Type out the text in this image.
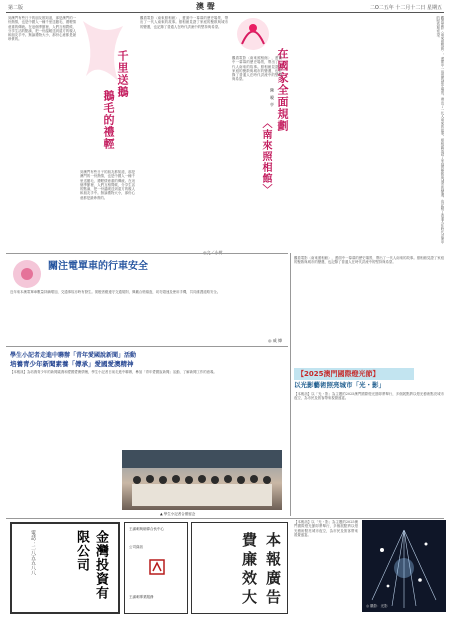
第二版	澳 聲	二O二五年 十二月十二日 星期五
到澳門有些日子的朋友都知道，那是澳門的一份熱情，也是中國人一種千里送鵝毛、禮輕情意重的傳統。在這個季節裡，人們互相問候，分享生活的點滴，把一份溫暖送到遠方的親人和朋友手中。無論禮物大小，那份心意都是最珍貴的。
千里送鵝
鵝毛的禮輕
到澳門有些日子的朋友都知道，那是澳門的一份熱情，也是中國人一種千里送鵝毛、禮輕情意重的傳統。在這個季節裡，人們互相問候，分享生活的點滴，把一份溫暖送到遠方的親人和朋友手中。無論禮物大小，那份心意都是最珍貴的。
觀看電影〈南來照相館〉，畫面中一幕幕的歷史場景，帶出了一代人南來的故事。照相館見證了家庭的聚散與城市的變遷，也記錄了普通人在時代洪流中的堅持與希望。
在國家全面規劃
〈南來照相館〉
陳 曉 亭
觀看電影〈南來照相館〉，畫面中一幕幕的歷史場景，帶出了一代人南來的故事。照相館見證了家庭的聚散與城市的變遷，也記錄了普通人在時代洪流中的堅持與希望。	觀看電影〈南來照相館〉，畫面中一幕幕的歷史場景，帶出了一代人南來的故事。照相館見證了家庭的聚散與城市的變遷，也記錄了普通人在時代洪流中的堅持與希望。
關注電單車的行車安全
近年來本澳電單車數量持續增加，交通事故亦時有發生。駕駛者應遵守交通規則，佩戴合格頭盔，切勿超速及使用手機，共同維護道路安全。
◎ 威 燁
學生小記者走進中聯辦「青年愛國說新聞」活動
培養青少年新聞素養「傳承」愛國愛澳精神
【本報訊】為培養青少年的新聞素養和愛國愛澳情懷，學生小記者日前走進中聯辦，參加「青年愛國說新聞」活動，了解新聞工作的意義。
▲ 學生小記者合照留念
金灣投資有限公司
電話：二八五五八八
王滿刺與朝偉合伙中心
公司資訊
王滿刺專業服務
本
報
廣
告
費
廉
效
大
觀看電影〈南來照相館〉，畫面中一幕幕的歷史場景，帶出了一代人南來的故事。照相館見證了家庭的聚散與城市的變遷，也記錄了普通人在時代洪流中的堅持與希望。
【2025澳門國際燈光節】
以光影藝術照亮城市「光・影」
【本報訊】以「光・影」為主題的2025澳門國際燈光節即將舉行，多個展點將以燈光藝術點亮城市夜空，為市民及旅客帶來視覺盛宴。
◎ 攝影：光影
【本報訊】以「光・影」為主題的2025澳門國際燈光節即將舉行，多個展點將以燈光藝術點亮城市夜空，為市民及旅客帶來視覺盛宴。
